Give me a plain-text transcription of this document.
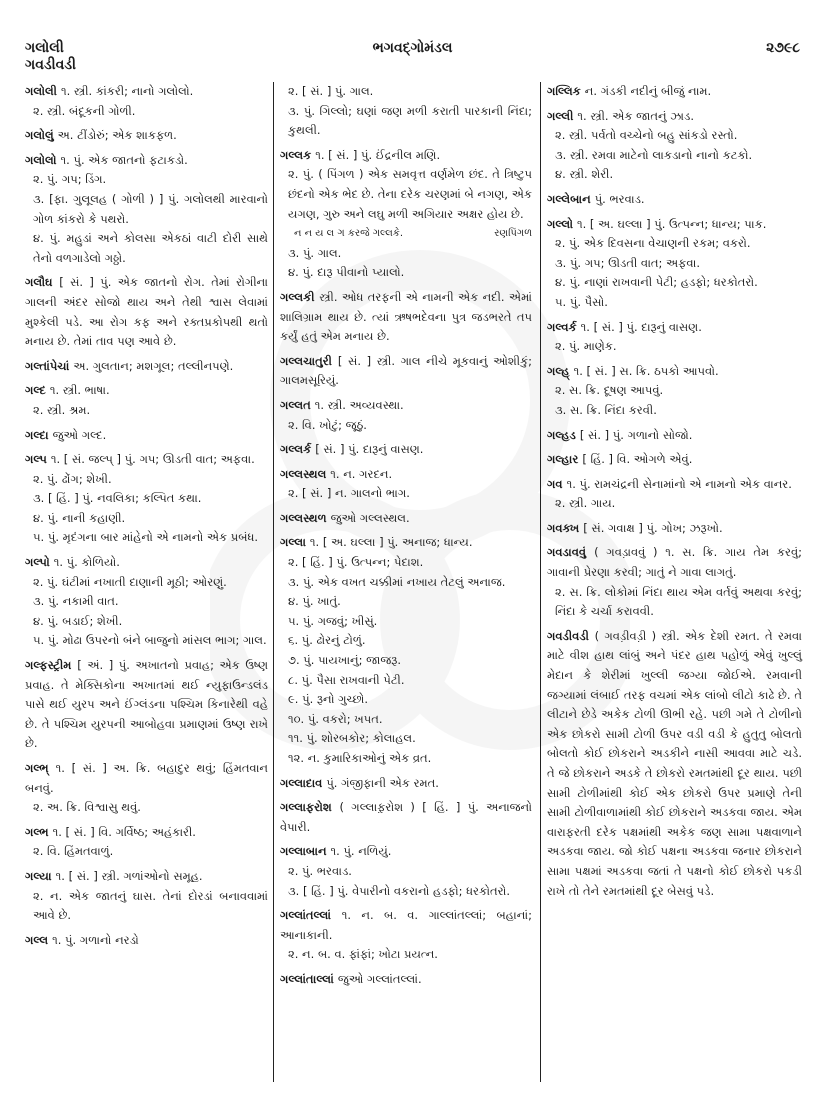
ગલોલી
ગવડીવડી
ભગવદ્ગોમંડલ	૨૭૯૮
ગલોલી ૧. સ્ત્રી. કાંકરી; નાનો ગલોલો.
૨. સ્ત્રી. બંદૂકની ગોળી.
ગલોલું અ. ટીંડોરું; એક શાકફળ.
ગલોલો ૧. પું. એક જાતનો ફટાકડો.
૨. પું. ગપ; ડિંગ.
૩. [ફા. ગુલૂલહ ( ગોળી ) ] પું. ગલોલથી મારવાનો ગોળ કાંકરો કે પથરો.
૪. પું. મહુડાં અને કોલસા એકઠાં વાટી દોરી સાથે તેનો વળગાડેલો ગઠ્ઠો.
ગલૌઘ [ સં. ] પું. એક જાતનો રોગ. તેમાં રોગીના ગાલની અંદર સોજો થાય અને તેથી શ્વાસ લેવામાં મુશ્કેલી પડે. આ રોગ કફ અને રક્તપ્રકોપથી થતો મનાય છે. તેમાં તાવ પણ આવે છે.
ગલ્તાંપેચાં અ. ગુલતાન; મશગૂલ; તલ્લીનપણે.
ગલ્દ ૧. સ્ત્રી. ભાષા.
૨. સ્ત્રી. શ્રમ.
ગલ્દા જુઓ ગલ્દ.
ગલ્પ ૧. [ સં. જલ્પ્ ] પું. ગપ; ઊડતી વાત; અફવા.
૨. પું. ઢોંગ; શેખી.
૩. [ હિં. ] પું. નવલિકા; કલ્પિત કથા.
૪. પું. નાની કહાણી.
૫. પું. મૃદંગના બાર માંહેનો એ નામનો એક પ્રબંધ.
ગલ્પો ૧. પું. કોળિયો.
૨. પું. ઘંટીમાં નખાતી દાણાની મૂઠી; ઓરણું.
૩. પું. નકામી વાત.
૪. પું. બડાઈ; શેખી.
૫. પું. મોઢા ઉપરનો બંને બાજુનો માંસલ ભાગ; ગાલ.
ગલ્ફસ્ટ્રીમ [ અં. ] પું. અખાતનો પ્રવાહ; એક ઉષ્ણ પ્રવાહ. તે મેક્સિકોના અખાતમાં થઈ ન્યુફાઉન્ડલંડ પાસે થઈ યુરપ અને ઈંગ્લંડના પશ્ચિમ કિનારેથી વહે છે. તે પશ્ચિમ યુરપની આબોહવા પ્રમાણમાં ઉષ્ણ રાખે છે.
ગલ્ભ્ ૧. [ સં. ] અ. ક્રિ. બહાદુર થવું; હિંમતવાન બનવું.
૨. અ. ક્રિ. વિશ્વાસુ થવું.
ગલ્ભ ૧. [ સં. ] વિ. ગર્વિષ્ઠ; અહંકારી.
૨. વિ. હિંમતવાળું.
ગલ્યા ૧. [ સં. ] સ્ત્રી. ગળાંઓનો સમૂહ.
૨. ન. એક જાતનું ઘાસ. તેનાં દોરડાં બનાવવામાં આવે છે.
ગલ્લ ૧. પું. ગળાનો નરડો
૨. [ સં. ] પું. ગાલ.
૩. પું. ગિલ્લો; ઘણાં જણ મળી કરાતી પારકાની નિંદા; કુથલી.
ગલ્લક ૧. [ સં. ] પું. ઈંદ્રનીલ મણિ.
૨. પું. ( પિંગળ ) એક સમવૃત્ત વર્ણમેળ છંદ. તે ત્રિષ્ટુપ છંદનો એક ભેદ છે. તેના દરેક ચરણમાં બે નગણ, એક યગણ, ગુરુ અને લઘુ મળી અગિયાર અક્ષર હોય છે.
ન ન ય લ ગ કરજે ગલ્લકે.	રણપિંગળ
૩. પું. ગાલ.
૪. પું. દારૂ પીવાનો પ્યાલો.
ગલ્લકી સ્ત્રી. ઓધ તરફની એ નામની એક નદી. એમાં શાલિગ્રામ થાય છે. ત્યાં ઋષભદેવના પુત્ર જડભરતે તપ કર્યું હતું એમ મનાય છે.
ગલ્લચાતુરી [ સં. ] સ્ત્રી. ગાલ નીચે મૂકવાનું ઓશીકું; ગાલમસૂરિયું.
ગલ્લત ૧. સ્ત્રી. અવ્યવસ્થા.
૨. વિ. ખોટું; જૂઠું.
ગલ્લર્ક [ સં. ] પું. દારૂનું વાસણ.
ગલ્લસ્થલ ૧. ન. ગરદન.
૨. [ સં. ] ન. ગાલનો ભાગ.
ગલ્લસ્થળ જુઓ ગલ્લસ્થલ.
ગલ્લા ૧. [ અ. ઘલ્લા ] પું. અનાજ; ધાન્ય.
૨. [ હિં. ] પું. ઉત્પન્ન; પેદાશ.
૩. પું. એક વખત ચક્કીમાં નખાય તેટલું અનાજ.
૪. પું. ખાતું.
૫. પું. ગજવું; ખીસું.
૬. પું. ઢોરનું ટોળું.
૭. પું. પાયખાનું; જાજરૂ.
૮. પું. પૈસા રાખવાની પેટી.
૯. પું. રૂનો ગુચ્છો.
૧૦. પું. વકરો; ખપત.
૧૧. પું. શોરબકોર; કોલાહલ.
૧૨. ન. કુમારિકાઓનું એક વ્રત.
ગલ્લાદાવ પું. ગંજીફાની એક રમત.
ગલ્લાફરોશ ( ગલ્લાફ઼રોશ ) [ હિં. ] પું. અનાજનો વેપારી.
ગલ્લાબાન ૧. પું. નળિયું.
૨. પું. ભરવાડ.
૩. [ હિં. ] પું. વેપારીનો વકરાનો હડફો; ધરકોતરો.
ગલ્લાંતલ્લાં ૧. ન. બ. વ. ગાલ્લાંતલ્લાં; બહાનાં; આનાકાની.
૨. ન. બ. વ. ફાંફાં; ખોટા પ્રયત્ન.
ગલ્લાંતાલ્લાં જુઓ ગલ્લાંતલ્લાં.
ગલ્લિક ન. ગંડકી નદીનું બીજું નામ.
ગલ્લી ૧. સ્ત્રી. એક જાતનું ઝાડ.
૨. સ્ત્રી. પર્વતો વચ્ચેનો બહુ સાંકડો રસ્તો.
૩. સ્ત્રી. રમવા માટેનો લાકડાનો નાનો કટકો.
૪. સ્ત્રી. શેરી.
ગલ્લેબાન પું. ભરવાડ.
ગલ્લો ૧. [ અ. ઘલ્લા ] પું. ઉત્પન્ન; ધાન્ય; પાક.
૨. પું. એક દિવસના વેચાણની રકમ; વકરો.
૩. પું. ગપ; ઊડતી વાત; અફવા.
૪. પું. નાણાં રાખવાની પેટી; હડફો; ધરકોતરો.
૫. પું. પૈસો.
ગલ્વર્ક ૧. [ સં. ] પું. દારૂનું વાસણ.
૨. પું. માણેક.
ગલ્હ્ ૧. [ સં. ] સ. ક્રિ. ઠપકો આપવો.
૨. સ. ક્રિ. દૂષણ આપવું.
૩. સ. ક્રિ. નિંદા કરવી.
ગલ્હડ [ સં. ] પું. ગળાનો સોજો.
ગલ્હાર [ હિં. ] વિ. ઓગળે એવું.
ગવ ૧. પું. રામચંદ્રની સેનામાંનો એ નામનો એક વાનર.
૨. સ્ત્રી. ગાય.
ગવક્ખ [ સં. ગવાક્ષ ] પું. ગોખ; ઝરૂખો.
ગવડાવવું ( ગવડ઼ાવવું ) ૧. સ. ક્રિ. ગાય તેમ કરવું; ગાવાની પ્રેરણા કરવી; ગાતું ને ગાવા લાગતું.
૨. સ. ક્રિ. લોકોમાં નિંદા થાય એમ વર્તવું અથવા કરવું; નિંદા કે ચર્ચા કરાવવી.
ગવડીવડી ( ગવડ઼ીવડ઼ી ) સ્ત્રી. એક દેશી રમત. તે રમવા માટે વીશ હાથ લાંબું અને પંદર હાથ પહોળું એવું ખુલ્લું મેદાન કે શેરીમાં ખુલ્લી જગ્યા જોઈએ. રમવાની જગ્યામાં લંબાઈ તરફ વચમાં એક લાંબો લીટો કાઢે છે. તે લીટાને છેડે અકેક ટોળી ઊભી રહે. પછી ગમે તે ટોળીનો એક છોકરો સામી ટોળી ઉપર વડી વડી કે હુતુતુ બોલતો બોલતો કોઈ છોકરાને અડકીને નાસી આવવા માટે ચડે. તે જે છોકરાને અડકે તે છોકરો રમતમાંથી દૂર થાય. પછી સામી ટોળીમાંથી કોઈ એક છોકરો ઉપર પ્રમાણે તેની સામી ટોળીવાળામાંથી કોઈ છોકરાને અડકવા જાય. એમ વારાફરતી દરેક પક્ષમાંથી અકેક જણ સામા પક્ષવાળાને અડકવા જાય. જો કોઈ પક્ષના અડકવા જનાર છોકરાને સામા પક્ષમાં અડકવા જતાં તે પક્ષનો કોઈ છોકરો પકડી રાખે તો તેને રમતમાંથી દૂર બેસવું પડે.
